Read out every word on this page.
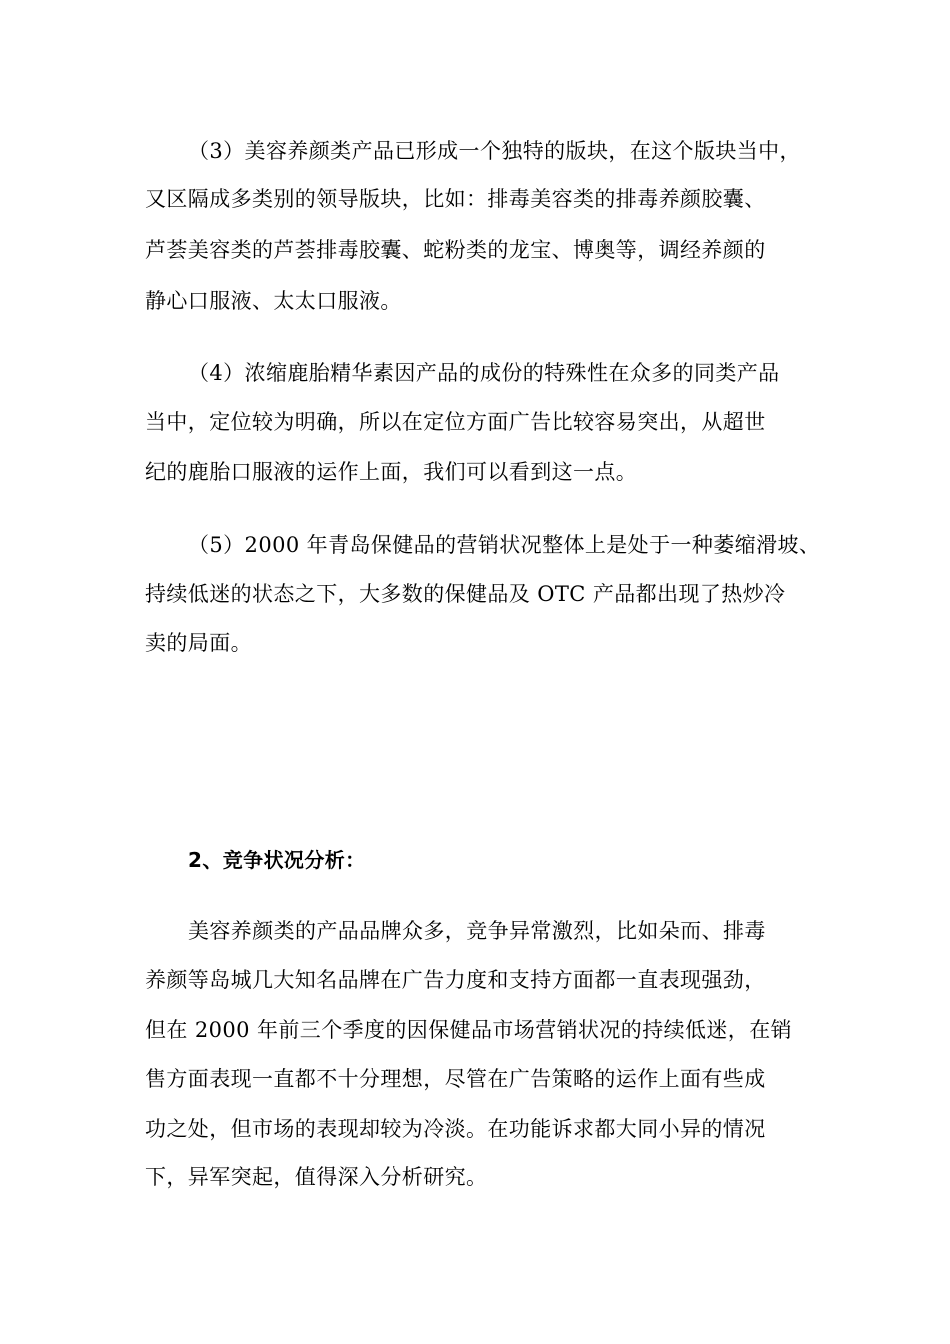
（3）美容养颜类产品已形成一个独特的版块，在这个版块当中，
又区隔成多类别的领导版块，比如：排毒美容类的排毒养颜胶囊、
芦荟美容类的芦荟排毒胶囊、蛇粉类的龙宝、博奥等，调经养颜的
静心口服液、太太口服液。
（4）浓缩鹿胎精华素因产品的成份的特殊性在众多的同类产品
当中，定位较为明确，所以在定位方面广告比较容易突出，从超世
纪的鹿胎口服液的运作上面，我们可以看到这一点。
（5）2000 年青岛保健品的营销状况整体上是处于一种萎缩滑坡、
持续低迷的状态之下，大多数的保健品及 OTC 产品都出现了热炒冷
卖的局面。
2、竞争状况分析：
美容养颜类的产品品牌众多，竞争异常激烈，比如朵而、排毒
养颜等岛城几大知名品牌在广告力度和支持方面都一直表现强劲，
但在 2000 年前三个季度的因保健品市场营销状况的持续低迷，在销
售方面表现一直都不十分理想，尽管在广告策略的运作上面有些成
功之处，但市场的表现却较为冷淡。在功能诉求都大同小异的情况
下，异军突起，值得深入分析研究。
